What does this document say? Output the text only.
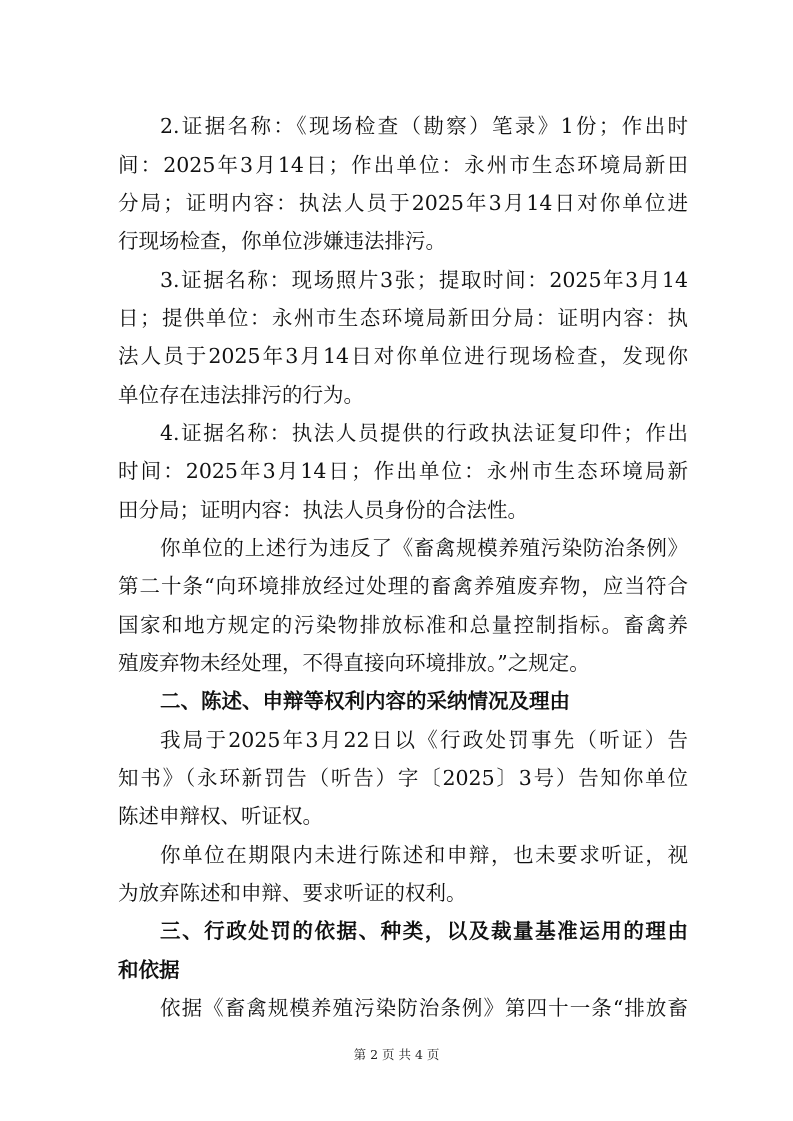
2.证据名称：《现场检查（勘察）笔录》1份；作出时
间：2025年3月14日；作出单位：永州市生态环境局新田
分局；证明内容：执法人员于2025年3月14日对你单位进
行现场检查，你单位涉嫌违法排污。
3.证据名称：现场照片3张；提取时间：2025年3月14
日；提供单位：永州市生态环境局新田分局：证明内容：执
法人员于2025年3月14日对你单位进行现场检查，发现你
单位存在违法排污的行为。
4.证据名称：执法人员提供的行政执法证复印件；作出
时间：2025年3月14日；作出单位：永州市生态环境局新
田分局；证明内容：执法人员身份的合法性。
你单位的上述行为违反了《畜禽规模养殖污染防治条例》
第二十条“向环境排放经过处理的畜禽养殖废弃物，应当符合
国家和地方规定的污染物排放标准和总量控制指标。畜禽养
殖废弃物未经处理，不得直接向环境排放。”之规定。
二、陈述、申辩等权利内容的采纳情况及理由
我局于2025年3月22日以《行政处罚事先（听证）告
知书》（永环新罚告（听告）字〔2025〕3号）告知你单位
陈述申辩权、听证权。
你单位在期限内未进行陈述和申辩，也未要求听证，视
为放弃陈述和申辩、要求听证的权利。
三、行政处罚的依据、种类，以及裁量基准运用的理由
和依据
依据《畜禽规模养殖污染防治条例》第四十一条“排放畜
第 2 页 共 4 页
